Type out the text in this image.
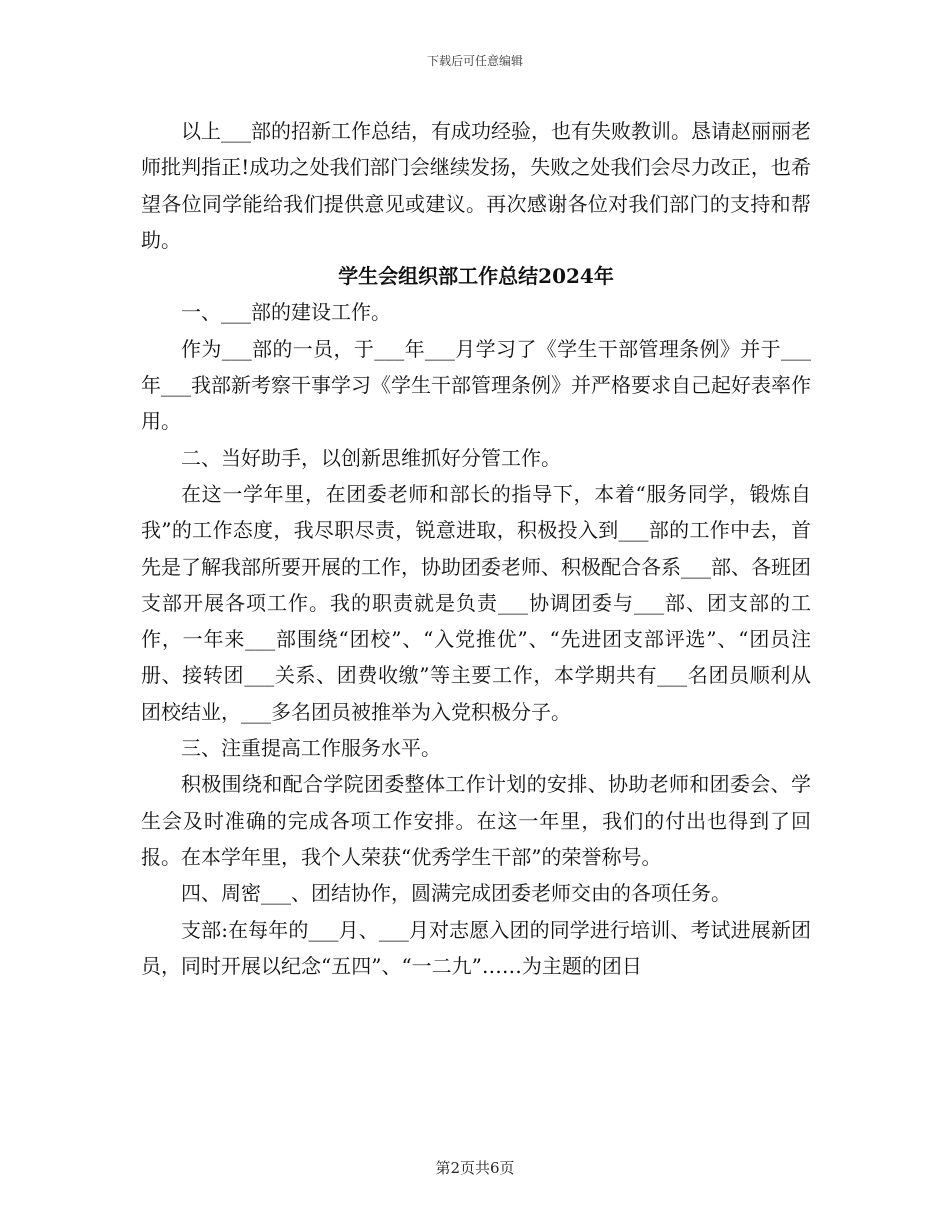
下载后可任意编辑

以上___部的招新工作总结，有成功经验，也有失败教训。恳请赵丽丽老师批判指正!成功之处我们部门会继续发扬，失败之处我们会尽力改正，也希望各位同学能给我们提供意见或建议。再次感谢各位对我们部门的支持和帮助。

学生会组织部工作总结2024年

一、___部的建设工作。

作为___部的一员，于___年___月学习了《学生干部管理条例》并于___年___我部新考察干事学习《学生干部管理条例》并严格要求自己起好表率作用。

二、当好助手，以创新思维抓好分管工作。

在这一学年里，在团委老师和部长的指导下，本着“服务同学，锻炼自我”的工作态度，我尽职尽责，锐意进取，积极投入到___部的工作中去，首先是了解我部所要开展的工作，协助团委老师、积极配合各系___部、各班团支部开展各项工作。我的职责就是负责___协调团委与___部、团支部的工作，一年来___部围绕“团校”、“入党推优”、“先进团支部评选”、“团员注册、接转团___关系、团费收缴”等主要工作，本学期共有___名团员顺利从团校结业，___多名团员被推举为入党积极分子。

三、注重提高工作服务水平。

积极围绕和配合学院团委整体工作计划的安排、协助老师和团委会、学生会及时准确的完成各项工作安排。在这一年里，我们的付出也得到了回报。在本学年里，我个人荣获“优秀学生干部”的荣誉称号。

四、周密___、团结协作，圆满完成团委老师交由的各项任务。

支部:在每年的___月、___月对志愿入团的同学进行培训、考试进展新团员，同时开展以纪念“五四”、“一二九”……为主题的团日

第2页共6页
